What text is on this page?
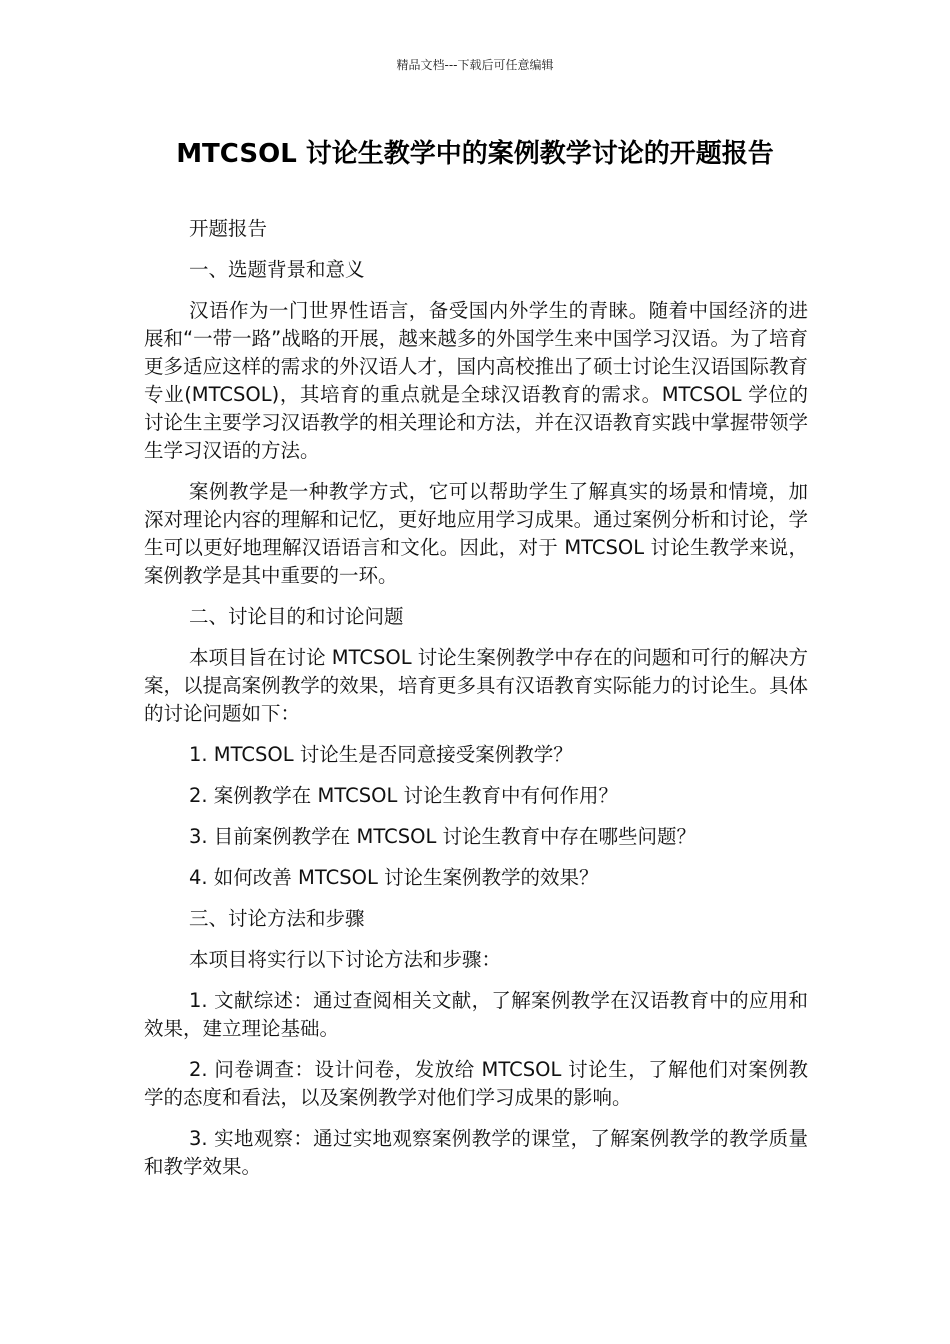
精品文档---下载后可任意编辑
MTCSOL 讨论生教学中的案例教学讨论的开题报告

开题报告

一、选题背景和意义

汉语作为一门世界性语言，备受国内外学生的青睐。随着中国经济的进展和“一带一路”战略的开展，越来越多的外国学生来中国学习汉语。为了培育更多适应这样的需求的外汉语人才，国内高校推出了硕士讨论生汉语国际教育专业(MTCSOL)，其培育的重点就是全球汉语教育的需求。MTCSOL 学位的讨论生主要学习汉语教学的相关理论和方法，并在汉语教育实践中掌握带领学生学习汉语的方法。

案例教学是一种教学方式，它可以帮助学生了解真实的场景和情境，加深对理论内容的理解和记忆，更好地应用学习成果。通过案例分析和讨论，学生可以更好地理解汉语语言和文化。因此，对于 MTCSOL 讨论生教学来说，案例教学是其中重要的一环。

二、讨论目的和讨论问题

本项目旨在讨论 MTCSOL 讨论生案例教学中存在的问题和可行的解决方案，以提高案例教学的效果，培育更多具有汉语教育实际能力的讨论生。具体的讨论问题如下：

1. MTCSOL 讨论生是否同意接受案例教学？

2. 案例教学在 MTCSOL 讨论生教育中有何作用？

3. 目前案例教学在 MTCSOL 讨论生教育中存在哪些问题？

4. 如何改善 MTCSOL 讨论生案例教学的效果？

三、讨论方法和步骤

本项目将实行以下讨论方法和步骤：

1. 文献综述：通过查阅相关文献，了解案例教学在汉语教育中的应用和效果，建立理论基础。

2. 问卷调查：设计问卷，发放给 MTCSOL 讨论生，了解他们对案例教学的态度和看法，以及案例教学对他们学习成果的影响。

3. 实地观察：通过实地观察案例教学的课堂，了解案例教学的教学质量和教学效果。
